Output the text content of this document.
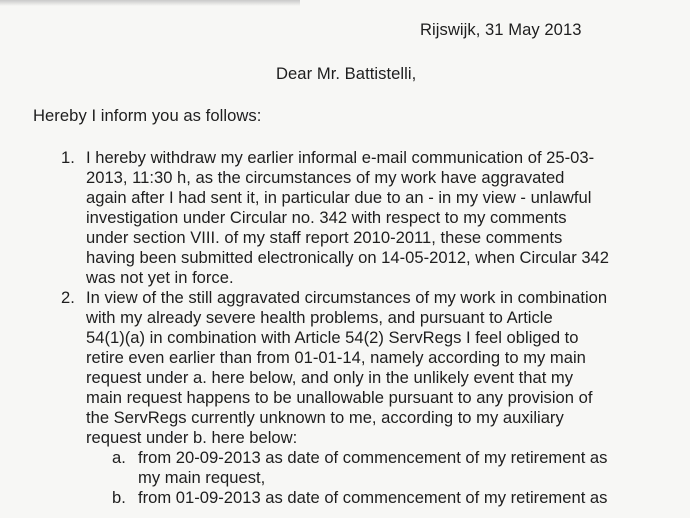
Rijswijk, 31 May 2013
Dear Mr. Battistelli,
Hereby I inform you as follows:
1. I hereby withdraw my earlier informal e-mail communication of 25-03-
2013, 11:30 h, as the circumstances of my work have aggravated
again after I had sent it, in particular due to an - in my view - unlawful
investigation under Circular no. 342 with respect to my comments
under section VIII. of my staff report 2010-2011, these comments
having been submitted electronically on 14-05-2012, when Circular 342
was not yet in force.
2. In view of the still aggravated circumstances of my work in combination
with my already severe health problems, and pursuant to Article
54(1)(a) in combination with Article 54(2) ServRegs I feel obliged to
retire even earlier than from 01-01-14, namely according to my main
request under a. here below, and only in the unlikely event that my
main request happens to be unallowable pursuant to any provision of
the ServRegs currently unknown to me, according to my auxiliary
request under b. here below:
a. from 20-09-2013 as date of commencement of my retirement as
my main request,
b. from 01-09-2013 as date of commencement of my retirement as
